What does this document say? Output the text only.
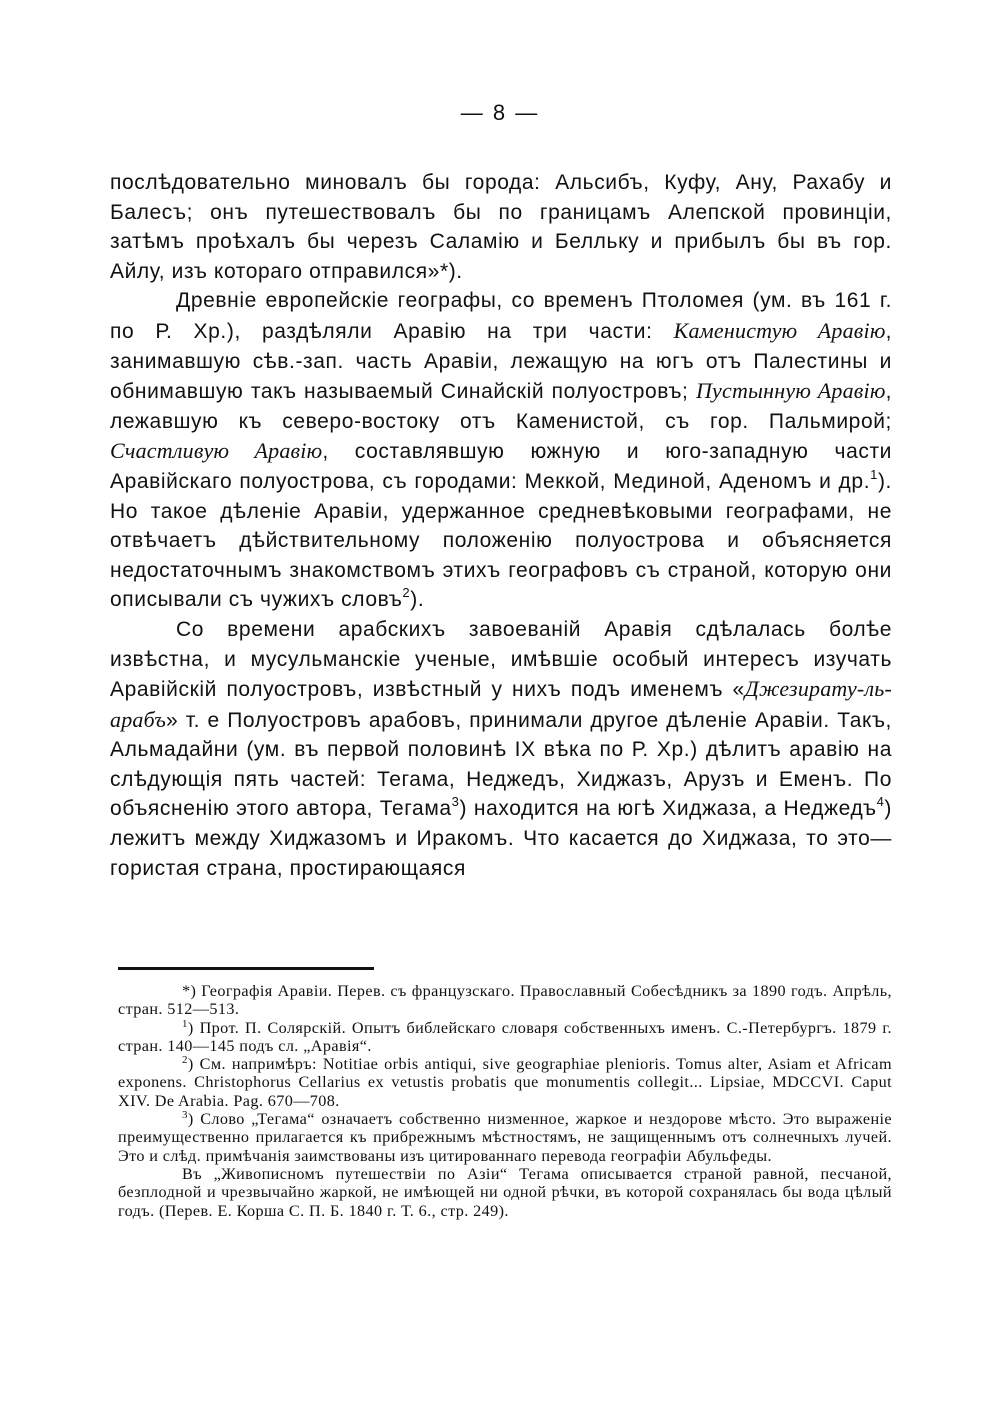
— 8 —

послѣдовательно миновалъ бы города: Альсибъ, Куфу, Ану, Рахабу и Балесъ; онъ путешествовалъ бы по границамъ Алепской провинціи, затѣмъ проѣхалъ бы черезъ Саламію и Белльку и прибылъ бы въ гор. Айлу, изъ котораго отправился»*).

Древніе европейскіе географы, со временъ Птоломея (ум. въ 161 г. по Р. Хр.), раздѣляли Аравію на три части: Каменистую Аравію, занимавшую сѣв.-зап. часть Аравіи, лежащую на югъ отъ Палестины и обнимавшую такъ называемый Синайскій полуостровъ; Пустынную Аравію, лежавшую къ северо-востоку отъ Каменистой, съ гор. Пальмирой; Счастливую Аравію, составлявшую южную и юго-западную части Аравійскаго полуострова, съ городами: Меккой, Мединой, Аденомъ и др.$^1$). Но такое дѣленіе Аравіи, удержанное средневѣковыми географами, не отвѣчаетъ дѣйствительному положенію полуострова и объясняется недостаточнымъ знакомствомъ этихъ географовъ съ страной, которую они описывали съ чужихъ словъ$^2$).

Со времени арабскихъ завоеваній Аравія сдѣлалась болѣе извѣстна, и мусульманскіе ученые, имѣвшіе особый интересъ изучать Аравійскій полуостровъ, извѣстный у нихъ подъ именемъ «Джезирату-ль-арабъ» т. е Полуостровъ арабовъ, принимали другое дѣленіе Аравіи. Такъ, Альмадайни (ум. въ первой половинѣ IX вѣка по Р. Хр.) дѣлитъ аравію на слѣдующія пять частей: Тегама, Неджедъ, Хиджазъ, Арузъ и Еменъ. По объясненію этого автора, Тегама$^3$) находится на югѣ Хиджаза, а Неджедъ$^4$) лежитъ между Хиджазомъ и Иракомъ. Что касается до Хиджаза, то это—гористая страна, простирающаяся

*) Географія Аравіи. Перев. съ французскаго. Православный Собесѣдникъ за 1890 годъ. Апрѣль, стран. 512—513.

$^1$) Прот. П. Солярскій. Опытъ библейскаго словаря собственныхъ именъ. С.-Петербургъ. 1879 г. стран. 140—145 подъ сл. „Аравія“.

$^2$) См. напримѣръ: Notitiae orbis antiqui, sive geographiae plenioris. Tomus alter, Asiam et Africam exponens. Christophorus Cellarius ex vetustis probatis que monumentis collegit... Lipsiae, MDCCVI. Caput XIV. De Arabia. Pag. 670—708.

$^3$) Слово „Тегама“ означаетъ собственно низменное, жаркое и нездорове мѣсто. Это выраженіе преимущественно прилагается къ прибрежнымъ мѣстностямъ, не защищеннымъ отъ солнечныхъ лучей. Это и слѣд. примѣчанія заимствованы изъ цитированнаго перевода географіи Абульфеды.

Въ „Живописномъ путешествіи по Азіи“ Тегама описывается страной равной, песчаной, безплодной и чрезвычайно жаркой, не имѣющей ни одной рѣчки, въ которой сохранялась бы вода цѣлый годъ. (Перев. Е. Корша С. П. Б. 1840 г. Т. 6., стр. 249).
